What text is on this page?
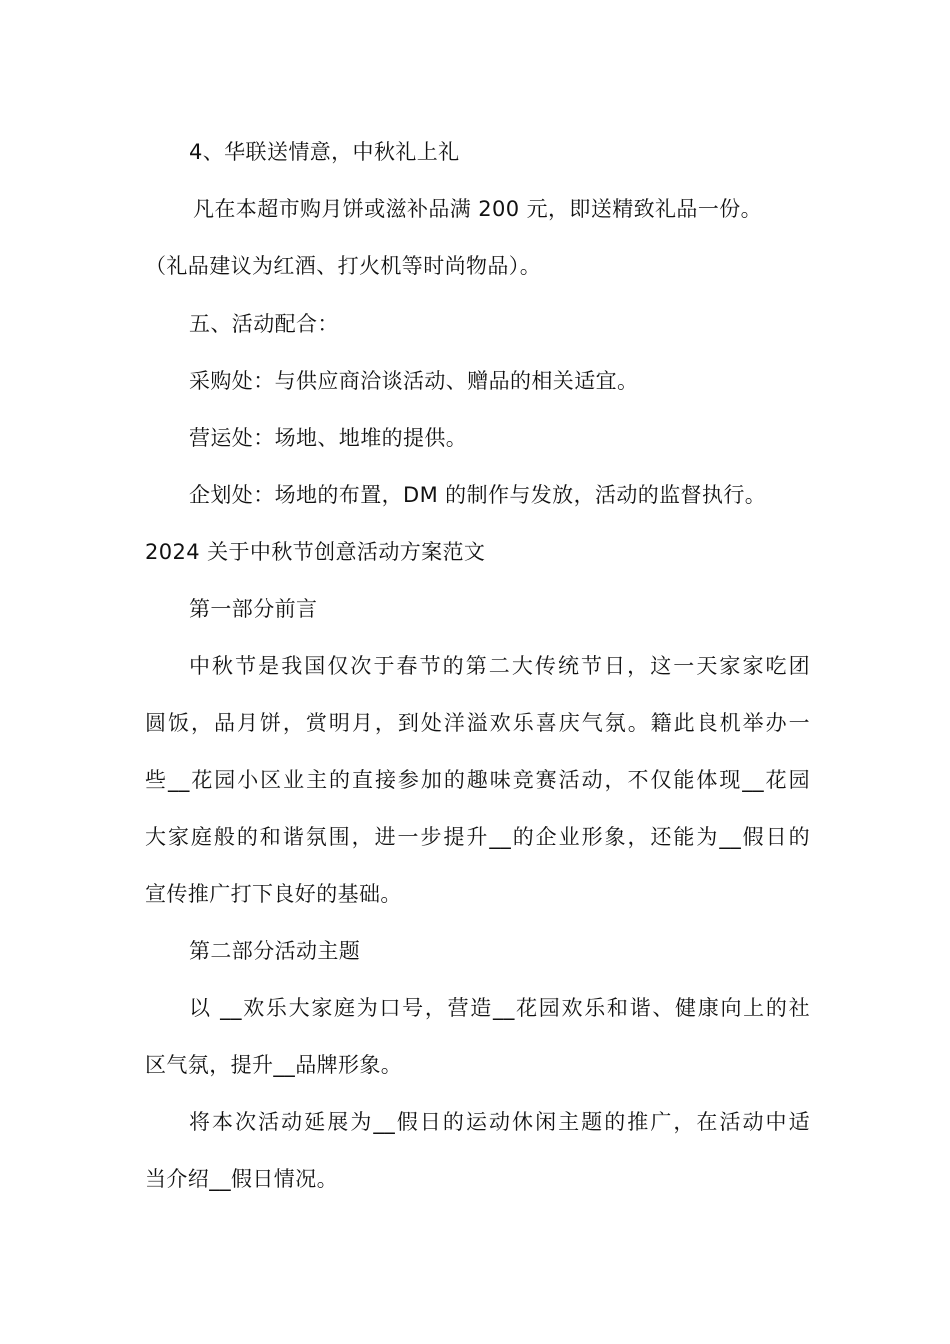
4、华联送情意，中秋礼上礼
凡在本超市购月饼或滋补品满 200 元，即送精致礼品一份。
（礼品建议为红酒、打火机等时尚物品）。
五、活动配合：
采购处：与供应商洽谈活动、赠品的相关适宜。
营运处：场地、地堆的提供。
企划处：场地的布置，DM 的制作与发放，活动的监督执行。
2024 关于中秋节创意活动方案范文
第一部分前言
中秋节是我国仅次于春节的第二大传统节日，这一天家家吃团
圆饭，品月饼，赏明月，到处洋溢欢乐喜庆气氛。籍此良机举办一
些__花园小区业主的直接参加的趣味竞赛活动，不仅能体现__花园
大家庭般的和谐氛围，进一步提升__的企业形象，还能为__假日的
宣传推广打下良好的基础。
第二部分活动主题
以 __欢乐大家庭为口号，营造__花园欢乐和谐、健康向上的社
区气氛，提升__品牌形象。
将本次活动延展为__假日的运动休闲主题的推广，在活动中适
当介绍__假日情况。
